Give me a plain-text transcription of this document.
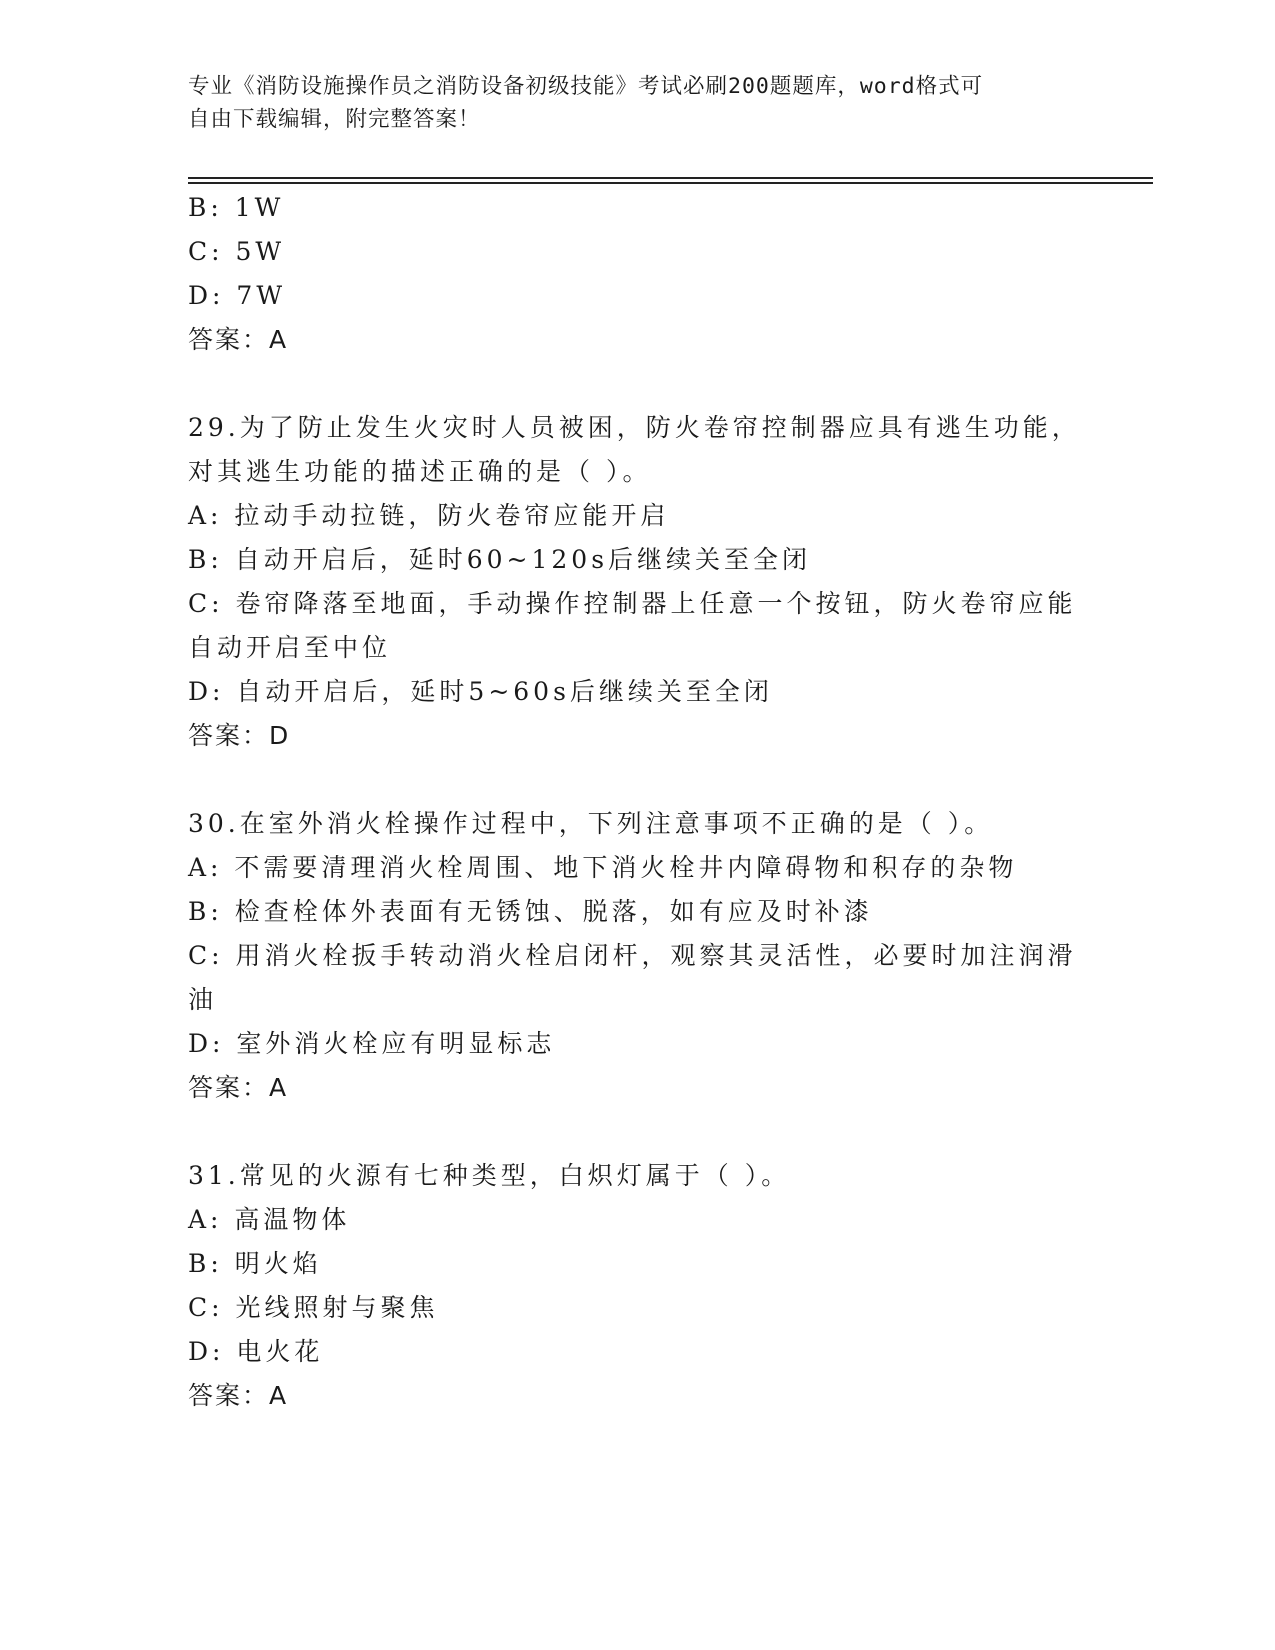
专业《消防设施操作员之消防设备初级技能》考试必刷200题题库，word格式可
自由下载编辑，附完整答案！
B: 1W
C: 5W
D: 7W
答案：A
29.为了防止发生火灾时人员被困，防火卷帘控制器应具有逃生功能，
对其逃生功能的描述正确的是（ ）。
A: 拉动手动拉链，防火卷帘应能开启
B: 自动开启后，延时60~120s后继续关至全闭
C: 卷帘降落至地面，手动操作控制器上任意一个按钮，防火卷帘应能
自动开启至中位
D: 自动开启后，延时5~60s后继续关至全闭
答案：D
30.在室外消火栓操作过程中，下列注意事项不正确的是（ ）。
A: 不需要清理消火栓周围、地下消火栓井内障碍物和积存的杂物
B: 检查栓体外表面有无锈蚀、脱落，如有应及时补漆
C: 用消火栓扳手转动消火栓启闭杆，观察其灵活性，必要时加注润滑
油
D: 室外消火栓应有明显标志
答案：A
31.常见的火源有七种类型，白炽灯属于（ ）。
A: 高温物体
B: 明火焰
C: 光线照射与聚焦
D: 电火花
答案：A
